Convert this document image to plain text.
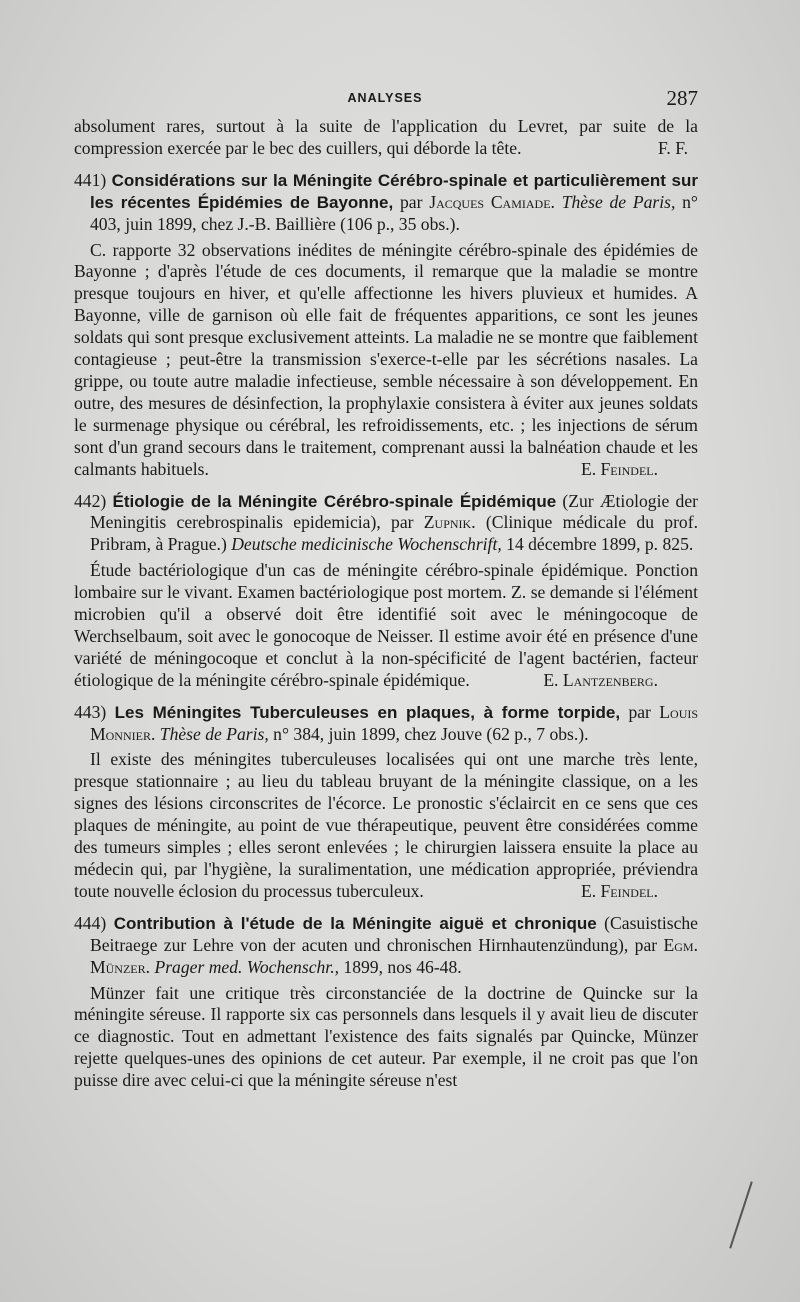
ANALYSES	287

absolument rares, surtout à la suite de l'application du Levret, par suite de la compression exercée par le bec des cuillers, qui déborde la tête.	F. F.

441) Considérations sur la Méningite Cérébro-spinale et particulièrement sur les récentes Épidémies de Bayonne, par Jacques Camiade. Thèse de Paris, n° 403, juin 1899, chez J.-B. Baillière (106 p., 35 obs.).

C. rapporte 32 observations inédites de méningite cérébro-spinale des épidémies de Bayonne ; d'après l'étude de ces documents, il remarque que la maladie se montre presque toujours en hiver, et qu'elle affectionne les hivers pluvieux et humides. A Bayonne, ville de garnison où elle fait de fréquentes apparitions, ce sont les jeunes soldats qui sont presque exclusivement atteints. La maladie ne se montre que faiblement contagieuse ; peut-être la transmission s'exerce-t-elle par les sécrétions nasales. La grippe, ou toute autre maladie infectieuse, semble nécessaire à son développement. En outre, des mesures de désinfection, la prophylaxie consistera à éviter aux jeunes soldats le surmenage physique ou cérébral, les refroidissements, etc. ; les injections de sérum sont d'un grand secours dans le traitement, comprenant aussi la balnéation chaude et les calmants habituels.	E. Feindel.

442) Étiologie de la Méningite Cérébro-spinale Épidémique (Zur Ætiologie der Meningitis cerebrospinalis epidemicia), par Zupnik. (Clinique médicale du prof. Pribram, à Prague.) Deutsche medicinische Wochenschrift, 14 décembre 1899, p. 825.

Étude bactériologique d'un cas de méningite cérébro-spinale épidémique. Ponction lombaire sur le vivant. Examen bactériologique post mortem. Z. se demande si l'élément microbien qu'il a observé doit être identifié soit avec le méningocoque de Werchselbaum, soit avec le gonocoque de Neisser. Il estime avoir été en présence d'une variété de méningocoque et conclut à la non-spécificité de l'agent bactérien, facteur étiologique de la méningite cérébro-spinale épidémique.	E. Lantzenberg.

443) Les Méningites Tuberculeuses en plaques, à forme torpide, par Louis Monnier. Thèse de Paris, n° 384, juin 1899, chez Jouve (62 p., 7 obs.).

Il existe des méningites tuberculeuses localisées qui ont une marche très lente, presque stationnaire ; au lieu du tableau bruyant de la méningite classique, on a les signes des lésions circonscrites de l'écorce. Le pronostic s'éclaircit en ce sens que ces plaques de méningite, au point de vue thérapeutique, peuvent être considérées comme des tumeurs simples ; elles seront enlevées ; le chirurgien laissera ensuite la place au médecin qui, par l'hygiène, la suralimentation, une médication appropriée, préviendra toute nouvelle éclosion du processus tuberculeux.	E. Feindel.

444) Contribution à l'étude de la Méningite aiguë et chronique (Casuistische Beitraege zur Lehre von der acuten und chronischen Hirnhautenzündung), par Egm. Münzer. Prager med. Wochenschr., 1899, nos 46-48.

Münzer fait une critique très circonstanciée de la doctrine de Quincke sur la méningite séreuse. Il rapporte six cas personnels dans lesquels il y avait lieu de discuter ce diagnostic. Tout en admettant l'existence des faits signalés par Quincke, Münzer rejette quelques-unes des opinions de cet auteur. Par exemple, il ne croit pas que l'on puisse dire avec celui-ci que la méningite séreuse n'est
